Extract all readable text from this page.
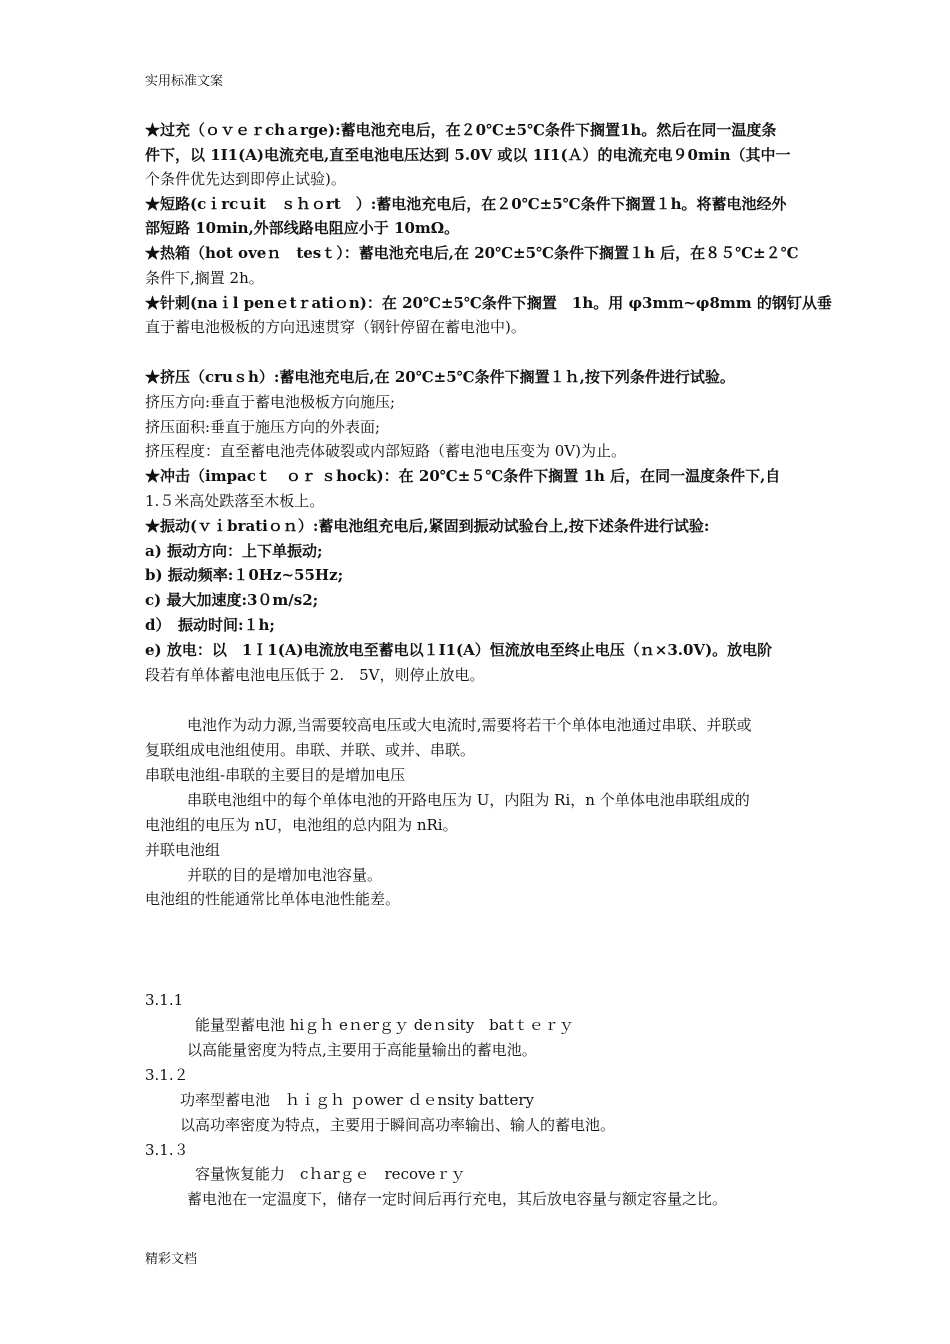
实用标准文案
★过充（ｏｖｅｒchａrge):蓄电池充电后，在２0℃±5℃条件下搁置1h。然后在同一温度条
件下，以 1I1(A)电流充电,直至电池电压达到 5.0V 或以 1I1(Ａ）的电流充电９0min（其中一
个条件优先达到即停止试验)。
★短路(cｉrcｕit　ｓｈｏrt　）:蓄电池充电后，在２0℃±5℃条件下搁置１h。将蓄电池经外
部短路 10min,外部线路电阻应小于 10mΩ。
★热箱（hot oveｎ　tesｔ）：蓄电池充电后,在 20℃±5℃条件下搁置１h 后，在８５℃±２℃
条件下,搁置 2h。
★针刺(naｉl penｅtｒatiｏn)：在 20℃±5℃条件下搁置　1h。用 φ3mｍ~φ8mm 的钢钉从垂
直于蓄电池极板的方向迅速贯穿（钢针停留在蓄电池中)。
★挤压（cruｓh）:蓄电池充电后,在 20℃±5℃条件下搁置１ｈ,按下列条件进行试验。
挤压方向:垂直于蓄电池极板方向施压;
挤压面积:垂直于施压方向的外表面;
挤压程度：直至蓄电池壳体破裂或内部短路（蓄电池电压变为 0V)为止。
★冲击（impacｔ　ｏｒ ｓhock)：在 20℃±５℃条件下搁置 1h 后，在同一温度条件下,自
1.５米高处跌落至木板上。
★振动(ｖｉbratiｏｎ）:蓄电池组充电后,紧固到振动试验台上,按下述条件进行试验:
a) 振动方向：上下单振动;
b) 振动频率:１0Hz~55Hz;
c) 最大加速度:3０m/s2;
d）　振动时间:１h;
e) 放电：以　1Ｉ1(A)电流放电至蓄电以１I1(A）恒流放电至终止电压（ｎ×3.0V)。放电阶
段若有单体蓄电池电压低于 2.　5V，则停止放电。
电池作为动力源,当需要较高电压或大电流时,需要将若干个单体电池通过串联、并联或
复联组成电池组使用。串联、并联、或并、串联。
串联电池组-串联的主要目的是增加电压
串联电池组中的每个单体电池的开路电压为 U，内阻为 Ri，n 个单体电池串联组成的
电池组的电压为 nU，电池组的总内阻为 nRi。
并联电池组
并联的目的是增加电池容量。
电池组的性能通常比单体电池性能差。
3.1.1
能量型蓄电池 hiｇｈ eｎerｇｙ deｎsity　batｔｅｒｙ
以高能量密度为特点,主要用于高能量输出的蓄电池。
3.1.２
功率型蓄电池　ｈｉｇｈ ｐower ｄｅnsity battery
以高功率密度为特点，主要用于瞬间高功率输出、输人的蓄电池。
3.1.３
容量恢复能力　cｈarｇｅ　recoveｒｙ
蓄电池在一定温度下，储存一定时间后再行充电，其后放电容量与额定容量之比。
精彩文档
